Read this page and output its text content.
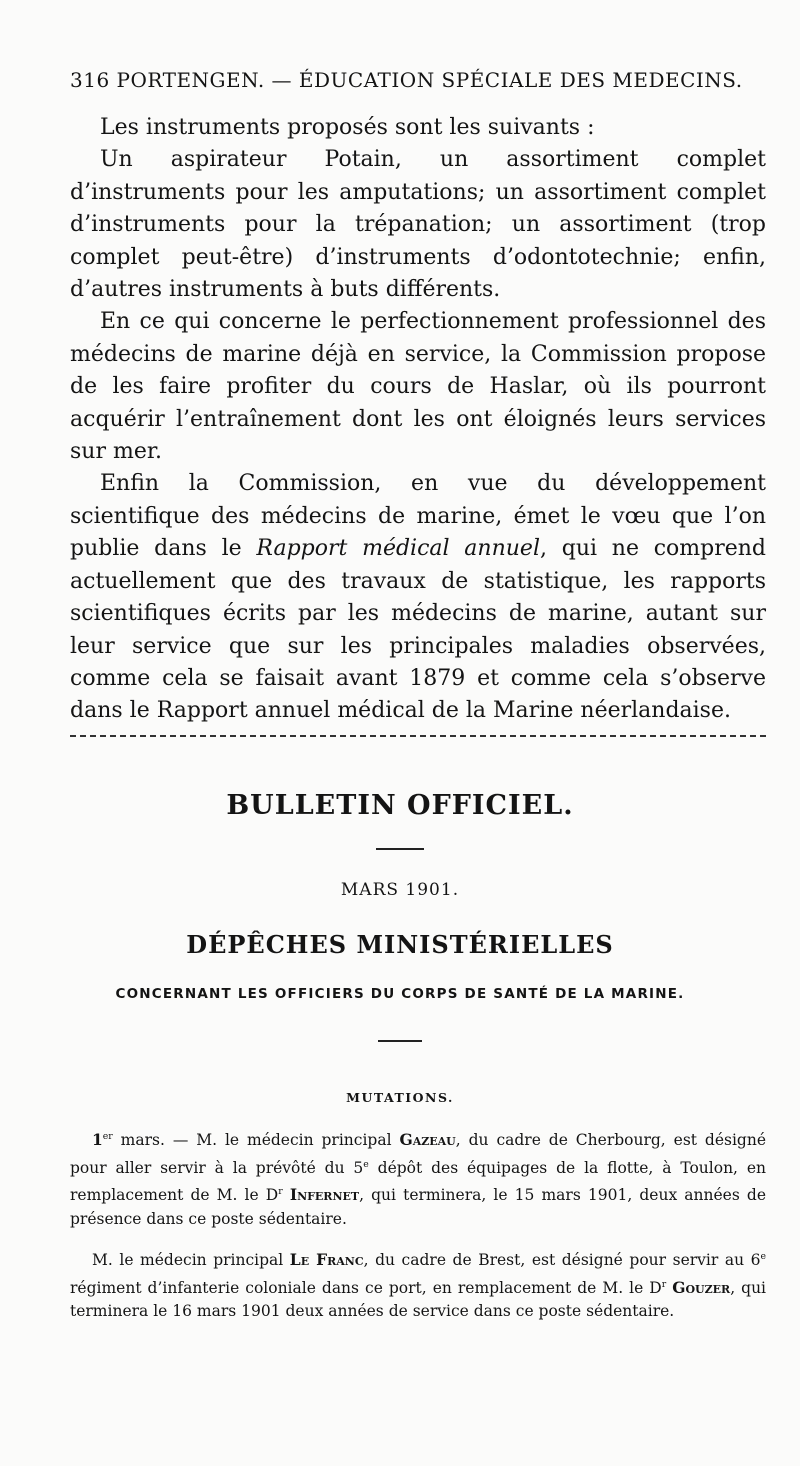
316 PORTENGEN. — ÉDUCATION SPÉCIALE DES MEDECINS.

Les instruments proposés sont les suivants :

Un aspirateur Potain, un assortiment complet d’instruments pour les amputations; un assortiment complet d’instruments pour la trépanation; un assortiment (trop complet peut-être) d’instruments d’odontotechnie; enfin, d’autres instruments à buts différents.

En ce qui concerne le perfectionnement professionnel des médecins de marine déjà en service, la Commission propose de les faire profiter du cours de Haslar, où ils pourront acquérir l’entraînement dont les ont éloignés leurs services sur mer.

Enfin la Commission, en vue du développement scientifique des médecins de marine, émet le vœu que l’on publie dans le Rapport médical annuel, qui ne comprend actuellement que des travaux de statistique, les rapports scientifiques écrits par les médecins de marine, autant sur leur service que sur les principales maladies observées, comme cela se faisait avant 1879 et comme cela s’observe dans le Rapport annuel médical de la Marine néerlandaise.

BULLETIN OFFICIEL.
MARS 1901.
DÉPÊCHES MINISTÉRIELLES
CONCERNANT LES OFFICIERS DU CORPS DE SANTÉ DE LA MARINE.
MUTATIONS.

1er mars. — M. le médecin principal Gazeau, du cadre de Cherbourg, est désigné pour aller servir à la prévôté du 5e dépôt des équipages de la flotte, à Toulon, en remplacement de M. le $D^r$ Infernet, qui terminera, le 15 mars 1901, deux années de présence dans ce poste sédentaire.

M. le médecin principal Le Franc, du cadre de Brest, est désigné pour servir au 6e régiment d’infanterie coloniale dans ce port, en remplacement de M. le $D^r$ Gouzer, qui terminera le 16 mars 1901 deux années de service dans ce poste sédentaire.
